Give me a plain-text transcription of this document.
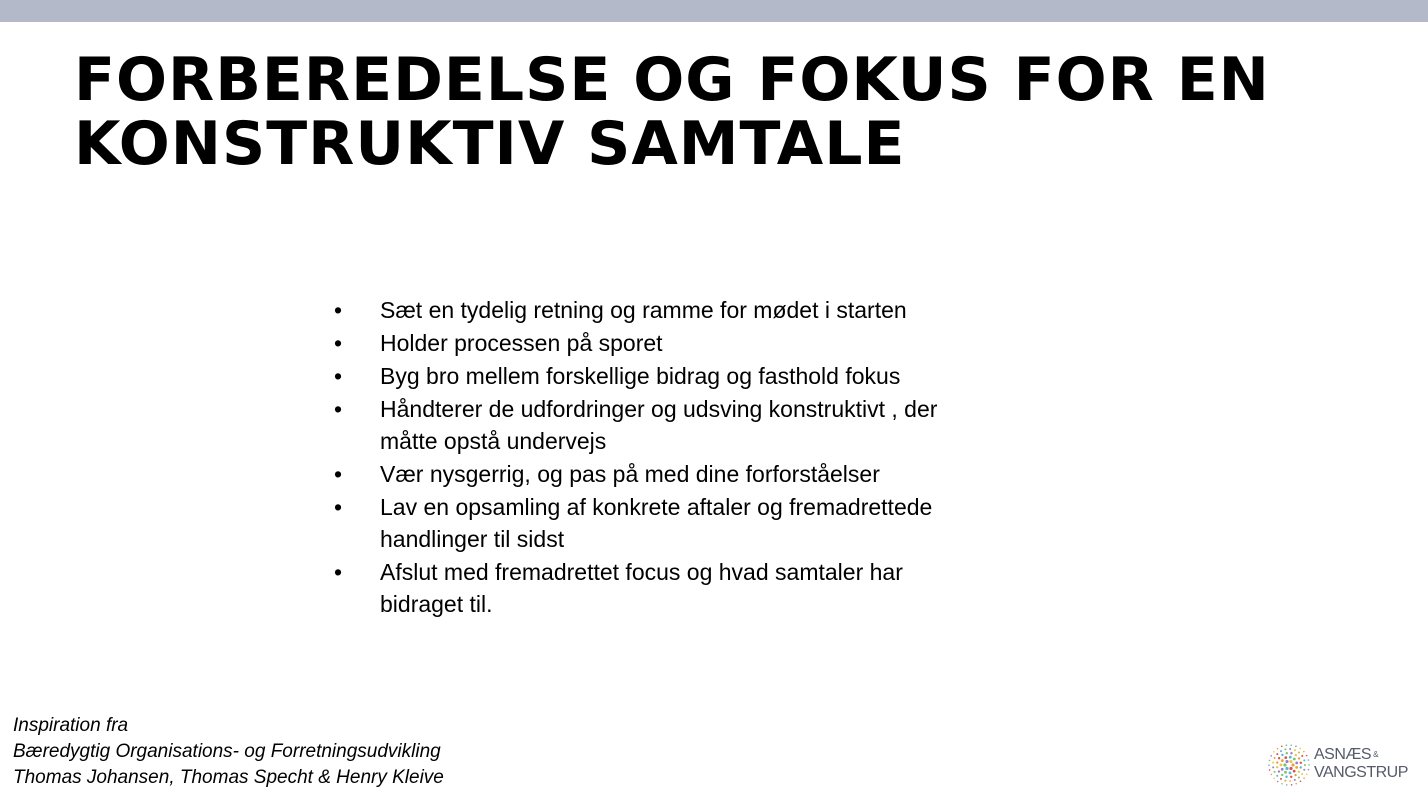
FORBEREDELSE OG FOKUS FOR EN
KONSTRUKTIV SAMTALE
• Sæt en tydelig retning og ramme for mødet i starten
• Holder processen på sporet
• Byg bro mellem forskellige bidrag og fasthold fokus
• Håndterer de udfordringer og udsving konstruktivt , der
måtte opstå undervejs
• Vær nysgerrig, og pas på med dine forforståelser
• Lav en opsamling af konkrete aftaler og fremadrettede
handlinger til sidst
• Afslut med fremadrettet focus og hvad samtaler har
bidraget til.
Inspiration fra
Bæredygtig Organisations- og Forretningsudvikling
Thomas Johansen, Thomas Specht & Henry Kleive
ASNÆS &
VANGSTRUP
